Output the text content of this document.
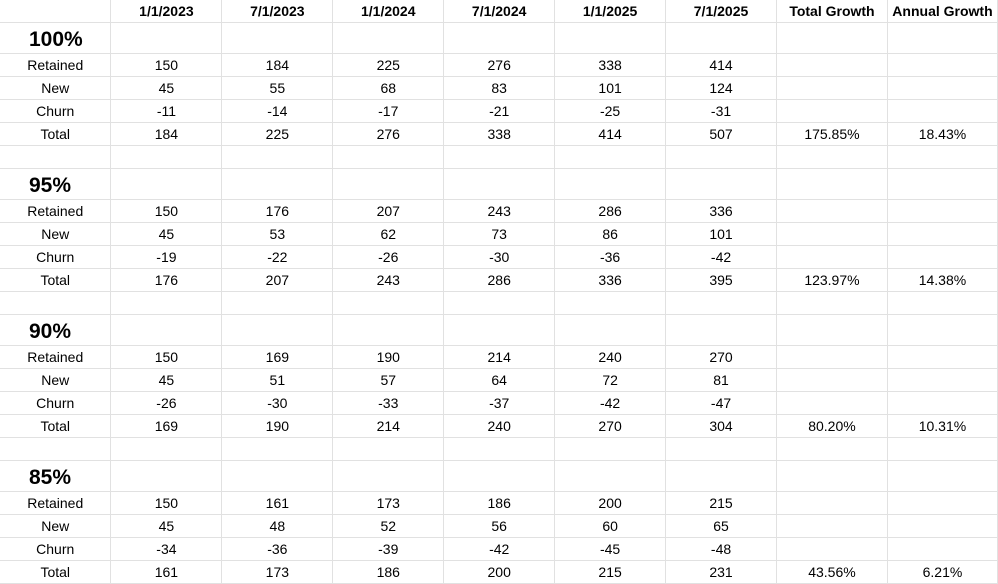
	1/1/2023	7/1/2023	1/1/2024	7/1/2024	1/1/2025	7/1/2025	Total Growth	Annual Growth
100%								
Retained	150	184	225	276	338	414		
New	45	55	68	83	101	124		
Churn	-11	-14	-17	-21	-25	-31		
Total	184	225	276	338	414	507	175.85%	18.43%

95%								
Retained	150	176	207	243	286	336		
New	45	53	62	73	86	101		
Churn	-19	-22	-26	-30	-36	-42		
Total	176	207	243	286	336	395	123.97%	14.38%

90%								
Retained	150	169	190	214	240	270		
New	45	51	57	64	72	81		
Churn	-26	-30	-33	-37	-42	-47		
Total	169	190	214	240	270	304	80.20%	10.31%

85%								
Retained	150	161	173	186	200	215		
New	45	48	52	56	60	65		
Churn	-34	-36	-39	-42	-45	-48		
Total	161	173	186	200	215	231	43.56%	6.21%
